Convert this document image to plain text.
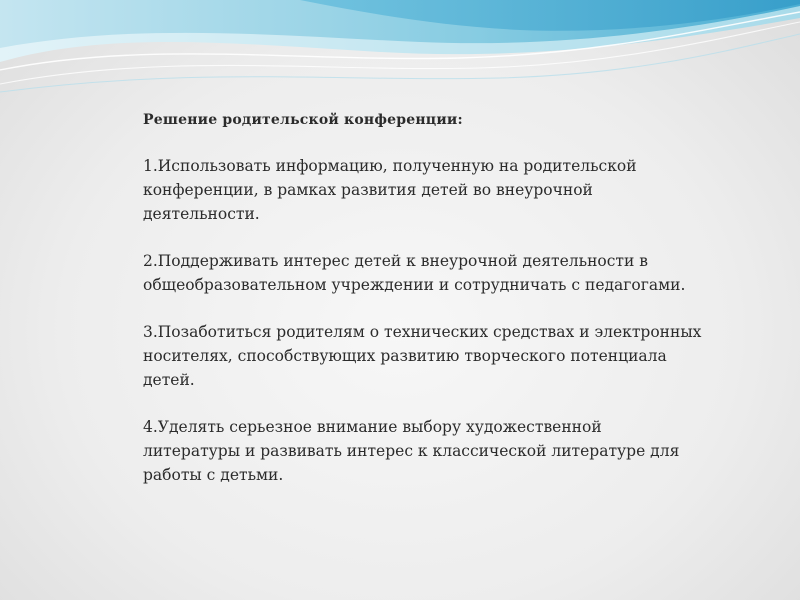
Решение родительской конференции:
1.Использовать информацию, полученную на родительской конференции, в рамках развития детей во внеурочной деятельности.
2.Поддерживать интерес детей к внеурочной деятельности в общеобразовательном учреждении и сотрудничать с педагогами.
3.Позаботиться родителям о технических средствах и электронных носителях, способствующих развитию творческого потенциала детей.
4.Уделять серьезное внимание выбору художественной литературы и развивать интерес к классической литературе для работы с детьми.
